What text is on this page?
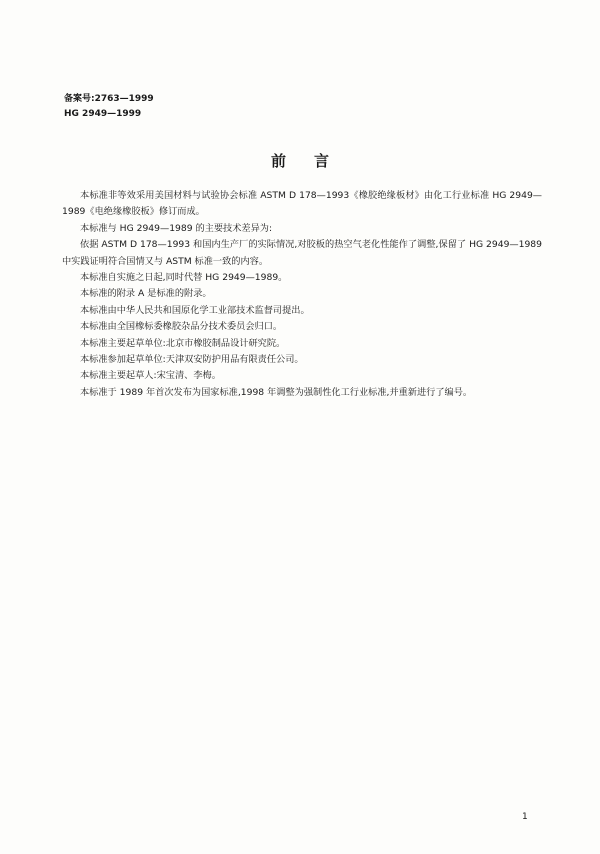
备案号:2763—1999
HG 2949—1999
前言

本标准非等效采用美国材料与试验协会标准 ASTM D 178—1993《橡胶绝缘板材》由化工行业标准 HG 2949—1989《电绝缘橡胶板》修订而成。

本标准与 HG 2949—1989 的主要技术差异为:

依据 ASTM D 178—1993 和国内生产厂的实际情况,对胶板的热空气老化性能作了调整,保留了 HG 2949—1989 中实践证明符合国情又与 ASTM 标准一致的内容。

本标准自实施之日起,同时代替 HG 2949—1989。

本标准的附录 A 是标准的附录。

本标准由中华人民共和国原化学工业部技术监督司提出。

本标准由全国橡标委橡胶杂品分技术委员会归口。

本标准主要起草单位:北京市橡胶制品设计研究院。

本标准参加起草单位:天津双安防护用品有限责任公司。

本标准主要起草人:宋宝清、李梅。

本标准于 1989 年首次发布为国家标准,1998 年调整为强制性化工行业标准,并重新进行了编号。

1
